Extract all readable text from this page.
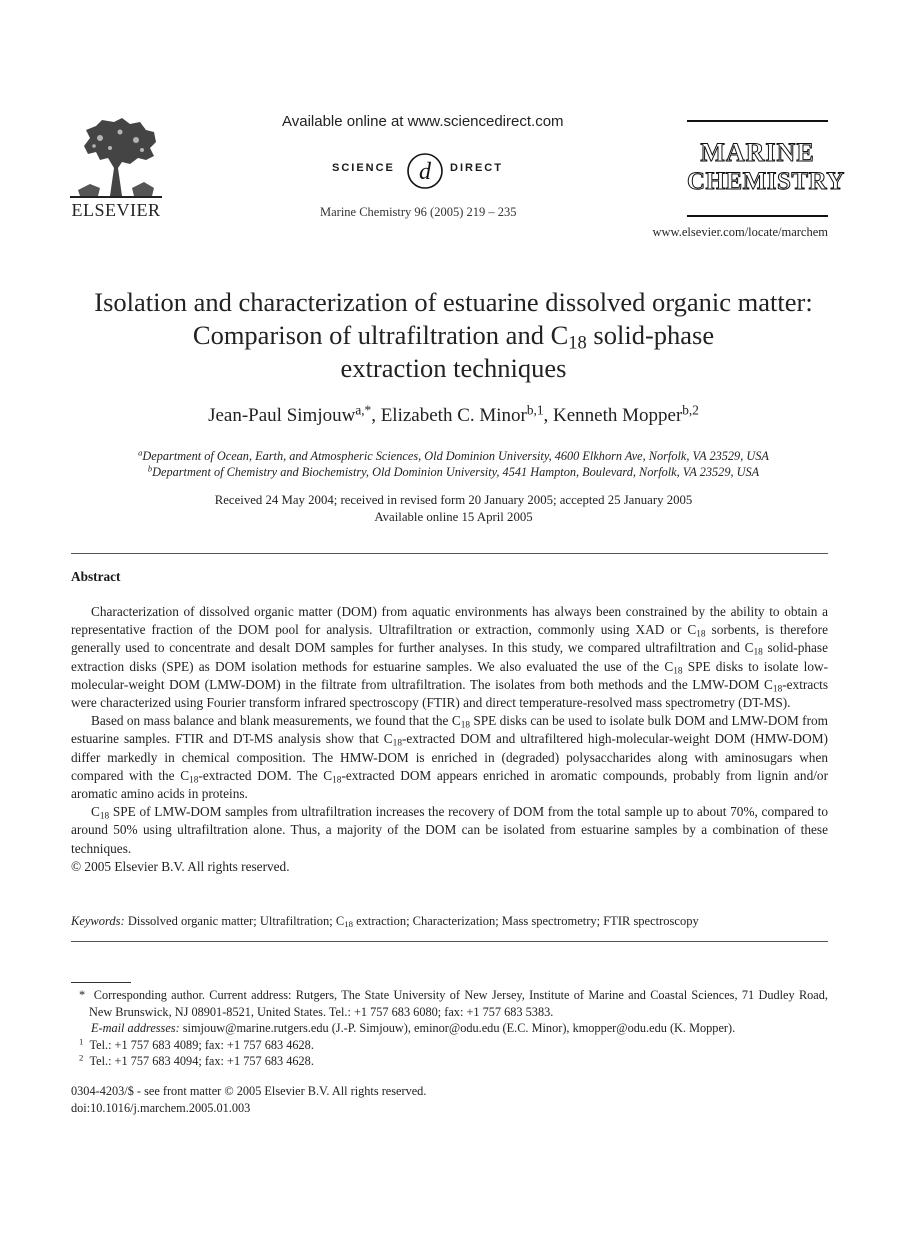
ELSEVIER
Available online at www.sciencedirect.com
SCIENCE d DIRECT
Marine Chemistry 96 (2005) 219 – 235
MARINE
CHEMISTRY
www.elsevier.com/locate/marchem
Isolation and characterization of estuarine dissolved organic matter:
Comparison of ultrafiltration and $C_{18}$ solid-phase
extraction techniques
Jean-Paul Simjouw$^{a,*}$, Elizabeth C. Minor$^{b,1}$, Kenneth Mopper$^{b,2}$
$^a$Department of Ocean, Earth, and Atmospheric Sciences, Old Dominion University, 4600 Elkhorn Ave, Norfolk, VA 23529, USA
$^b$Department of Chemistry and Biochemistry, Old Dominion University, 4541 Hampton, Boulevard, Norfolk, VA 23529, USA
Received 24 May 2004; received in revised form 20 January 2005; accepted 25 January 2005
Available online 15 April 2005
Abstract

Characterization of dissolved organic matter (DOM) from aquatic environments has always been constrained by the ability to obtain a representative fraction of the DOM pool for analysis. Ultrafiltration or extraction, commonly using XAD or $C_{18}$ sorbents, is therefore generally used to concentrate and desalt DOM samples for further analyses. In this study, we compared ultrafiltration and $C_{18}$ solid-phase extraction disks (SPE) as DOM isolation methods for estuarine samples. We also evaluated the use of the $C_{18}$ SPE disks to isolate low-molecular-weight DOM (LMW-DOM) in the filtrate from ultrafiltration. The isolates from both methods and the LMW-DOM $C_{18}$-extracts were characterized using Fourier transform infrared spectroscopy (FTIR) and direct temperature-resolved mass spectrometry (DT-MS).

Based on mass balance and blank measurements, we found that the $C_{18}$ SPE disks can be used to isolate bulk DOM and LMW-DOM from estuarine samples. FTIR and DT-MS analysis show that $C_{18}$-extracted DOM and ultrafiltered high-molecular-weight DOM (HMW-DOM) differ markedly in chemical composition. The HMW-DOM is enriched in (degraded) polysaccharides along with aminosugars when compared with the $C_{18}$-extracted DOM. The $C_{18}$-extracted DOM appears enriched in aromatic compounds, probably from lignin and/or aromatic amino acids in proteins.

$C_{18}$ SPE of LMW-DOM samples from ultrafiltration increases the recovery of DOM from the total sample up to about 70%, compared to around 50% using ultrafiltration alone. Thus, a majority of the DOM can be isolated from estuarine samples by a combination of these techniques.

© 2005 Elsevier B.V. All rights reserved.

Keywords: Dissolved organic matter; Ultrafiltration; $C_{18}$ extraction; Characterization; Mass spectrometry; FTIR spectroscopy

* Corresponding author. Current address: Rutgers, The State University of New Jersey, Institute of Marine and Coastal Sciences, 71 Dudley Road, New Brunswick, NJ 08901-8521, United States. Tel.: +1 757 683 6080; fax: +1 757 683 5383.

E-mail addresses: simjouw@marine.rutgers.edu (J.-P. Simjouw), eminor@odu.edu (E.C. Minor), kmopper@odu.edu (K. Mopper).

$^1$ Tel.: +1 757 683 4089; fax: +1 757 683 4628.

$^2$ Tel.: +1 757 683 4094; fax: +1 757 683 4628.

0304-4203/$ - see front matter © 2005 Elsevier B.V. All rights reserved.
doi:10.1016/j.marchem.2005.01.003
